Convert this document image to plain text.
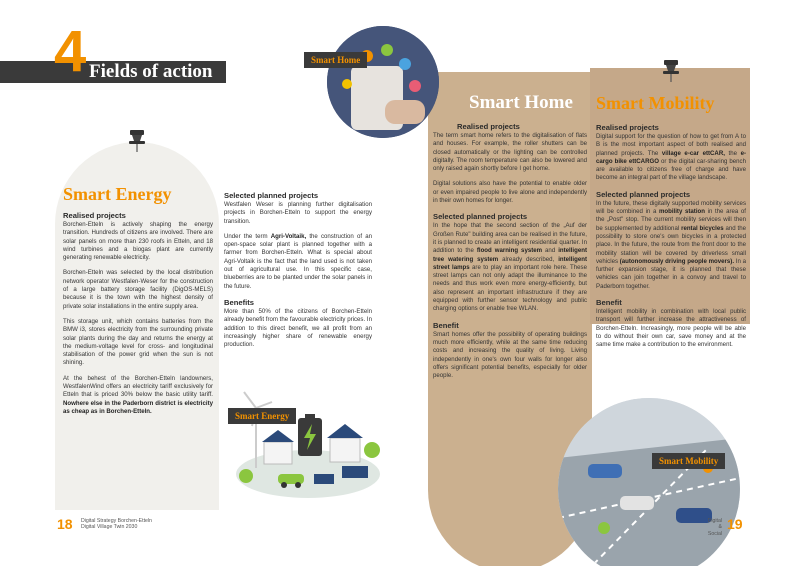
4 Fields of action
Smart Energy
Realised projects
Borchen-Etteln is actively shaping the energy transition. Hundreds of citizens are involved. There are solar panels on more than 230 roofs in Etteln, and 18 wind turbines and a biogas plant are currently generating renewable electricity.
Borchen-Etteln was selected by the local distribution network operator Westfalen-Weser for the construction of a large battery storage facility (DigOS-MELS) because it is the town with the highest density of private solar installations in the entire supply area.
This storage unit, which contains batteries from the BMW i3, stores electricity from the surrounding private solar plants during the day and returns the energy at the medium-voltage level for cross- and longitudinal stabilisation of the power grid when the sun is not shining.
At the behest of the Borchen-Etteln landowners, WestfalenWind offers an electricity tariff exclusively for Etteln that is priced 30% below the basic utility tariff. Nowhere else in the Paderborn district is electricity as cheap as in Borchen-Etteln.
Selected planned projects
Westfalen Weser is planning further digitalisation projects in Borchen-Etteln to support the energy transition.
Under the term Agri-Voltaik, the construction of an open-space solar plant is planned together with a farmer from Borchen-Etteln. What is special about Agri-Voltaik is the fact that the land used is not taken out of agricultural use. In this specific case, blueberries are to be planted under the solar panels in the future.
Benefits
More than 50% of the citizens of Borchen-Etteln already benefit from the favourable electricity prices. In addition to this direct benefit, we all profit from an increasingly higher share of renewable energy production.
Smart Energy
18 Digital Strategy Borchen-Etteln
Digital Village Twin 2030
Smart Home
Smart Home
Realised projects
The term smart home refers to the digitalisation of flats and houses. For example, the roller shutters can be closed automatically or the lighting can be controlled digitally. The room temperature can also be lowered and only raised again shortly before I get home.
Digital solutions also have the potential to enable older or even impaired people to live alone and independently in their own homes for longer.
Selected planned projects
In the hope that the second section of the „Auf der Großen Rute" building area can be realised in the future, it is planned to create an intelligent residential quarter. In addition to the flood warning system and intelligent tree watering system already described, intelligent street lamps are to play an important role here. These street lamps can not only adapt the illuminance to the needs and thus work even more energy-efficiently, but also represent an important infrastructure if they are equipped with further sensor technology and public charging options or enable free WLAN.
Benefit
Smart homes offer the possibility of operating buildings much more efficiently, while at the same time reducing costs and increasing the quality of living. Living independently in one's own four walls for longer also offers significant potential benefits, especially for older people.
Smart Mobility
Realised projects
Digital support for the question of how to get from A to B is the most important aspect of both realised and planned projects. The village e-car ettCAR, the e-cargo bike ettCARGO or the digital car-sharing bench are available to citizens free of charge and have become an integral part of the village landscape.
Selected planned projects
In the future, these digitally supported mobility services will be combined in a mobility station in the area of the „Post" stop. The current mobility services will then be supplemented by additional rental bicycles and the possibility to store one's own bicycles in a protected place. In the future, the route from the front door to the mobility station will be covered by driverless small vehicles (autonomously driving people movers). In a further expansion stage, it is planned that these vehicles can join together in a convoy and travel to Paderborn together.
Benefit
Intelligent mobility in combination with local public transport will further increase the attractiveness of Borchen-Etteln. Increasingly, more people will be able to do without their own car, save money and at the same time make a contribution to the environment.
Smart Mobility
Digital
& Social
19
